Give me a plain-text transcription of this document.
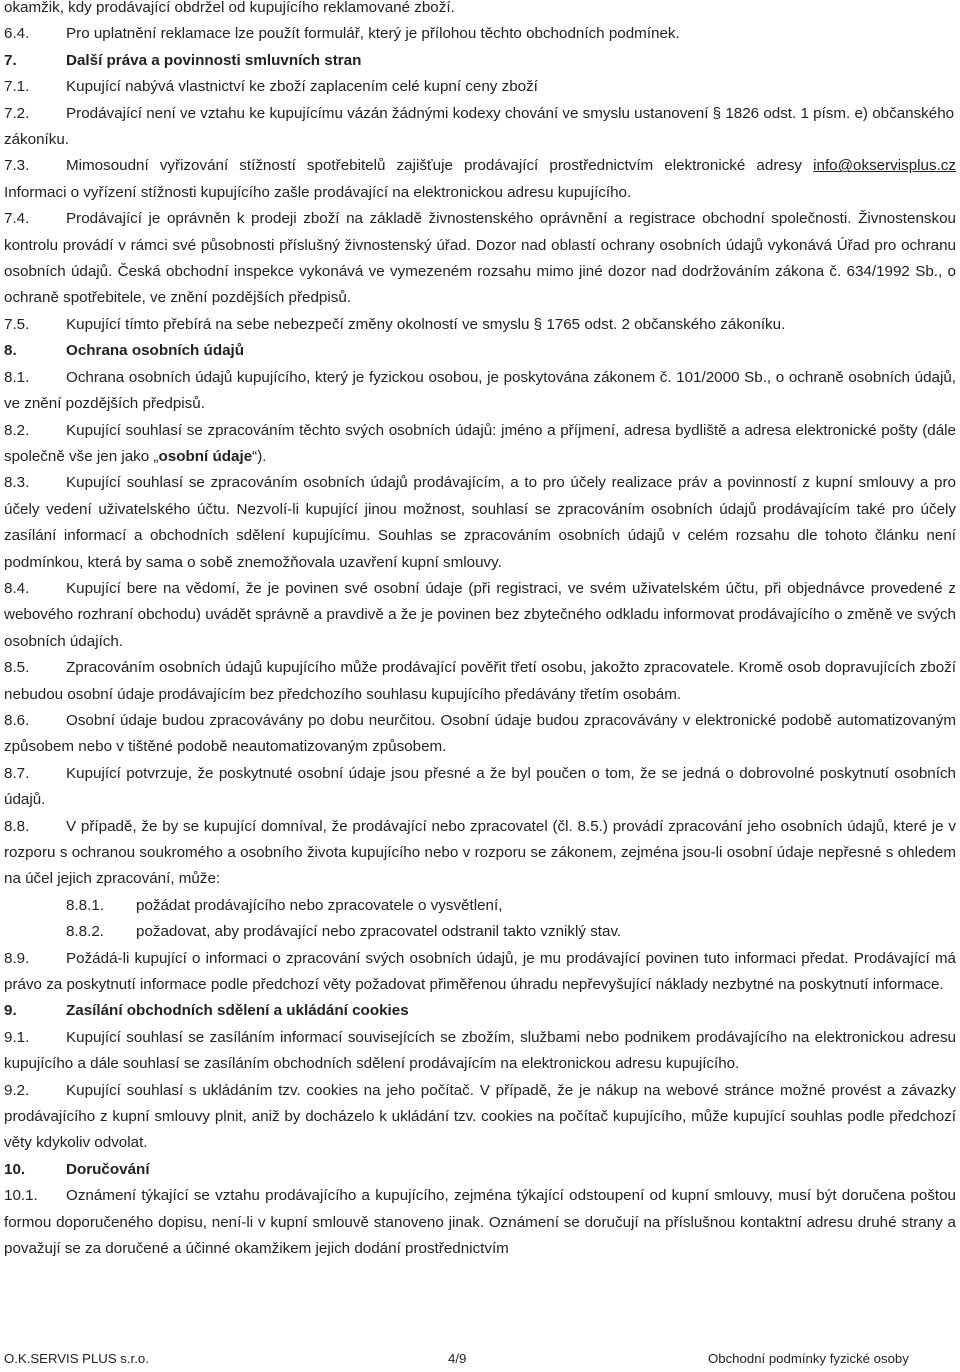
okamžik, kdy prodávající obdržel od kupujícího reklamované zboží.

6.4. Pro uplatnění reklamace lze použít formulář, který je přílohou těchto obchodních podmínek.

7.	Další práva a povinnosti smluvních stran

7.1. Kupující nabývá vlastnictví ke zboží zaplacením celé kupní ceny zboží

7.2. Prodávající není ve vztahu ke kupujícímu vázán žádnými kodexy chování ve smyslu ustanovení § 1826 odst. 1 písm. e) občanského zákoníku.

7.3. Mimosoudní vyřizování stížností spotřebitelů zajišťuje prodávající prostřednictvím elektronické adresy info@okservisplus.cz Informaci o vyřízení stížnosti kupujícího zašle prodávající na elektronickou adresu kupujícího.

7.4. Prodávající je oprávněn k prodeji zboží na základě živnostenského oprávnění a registrace obchodní společnosti. Živnostenskou kontrolu provádí v rámci své působnosti příslušný živnostenský úřad. Dozor nad oblastí ochrany osobních údajů vykonává Úřad pro ochranu osobních údajů. Česká obchodní inspekce vykonává ve vymezeném rozsahu mimo jiné dozor nad dodržováním zákona č. 634/1992 Sb., o ochraně spotřebitele, ve znění pozdějších předpisů.

7.5. Kupující tímto přebírá na sebe nebezpečí změny okolností ve smyslu § 1765 odst. 2 občanského zákoníku.

8.	Ochrana osobních údajů

8.1. Ochrana osobních údajů kupujícího, který je fyzickou osobou, je poskytována zákonem č. 101/2000 Sb., o ochraně osobních údajů, ve znění pozdějších předpisů.

8.2. Kupující souhlasí se zpracováním těchto svých osobních údajů: jméno a příjmení, adresa bydliště a adresa elektronické pošty (dále společně vše jen jako „osobní údaje“).

8.3. Kupující souhlasí se zpracováním osobních údajů prodávajícím, a to pro účely realizace práv a povinností z kupní smlouvy a pro účely vedení uživatelského účtu. Nezvolí-li kupující jinou možnost, souhlasí se zpracováním osobních údajů prodávajícím také pro účely zasílání informací a obchodních sdělení kupujícímu. Souhlas se zpracováním osobních údajů v celém rozsahu dle tohoto článku není podmínkou, která by sama o sobě znemožňovala uzavření kupní smlouvy.

8.4. Kupující bere na vědomí, že je povinen své osobní údaje (při registraci, ve svém uživatelském účtu, při objednávce provedené z webového rozhraní obchodu) uvádět správně a pravdivě a že je povinen bez zbytečného odkladu informovat prodávajícího o změně ve svých osobních údajích.

8.5. Zpracováním osobních údajů kupujícího může prodávající pověřit třetí osobu, jakožto zpracovatele. Kromě osob dopravujících zboží nebudou osobní údaje prodávajícím bez předchozího souhlasu kupujícího předávány třetím osobám.

8.6. Osobní údaje budou zpracovávány po dobu neurčitou. Osobní údaje budou zpracovávány v elektronické podobě automatizovaným způsobem nebo v tištěné podobě neautomatizovaným způsobem.

8.7. Kupující potvrzuje, že poskytnuté osobní údaje jsou přesné a že byl poučen o tom, že se jedná o dobrovolné poskytnutí osobních údajů.

8.8. V případě, že by se kupující domníval, že prodávající nebo zpracovatel (čl. 8.5.) provádí zpracování jeho osobních údajů, které je v rozporu s ochranou soukromého a osobního života kupujícího nebo v rozporu se zákonem, zejména jsou-li osobní údaje nepřesné s ohledem na účel jejich zpracování, může:

8.8.1. požádat prodávajícího nebo zpracovatele o vysvětlení,

8.8.2. požadovat, aby prodávající nebo zpracovatel odstranil takto vzniklý stav.

8.9. Požádá-li kupující o informaci o zpracování svých osobních údajů, je mu prodávající povinen tuto informaci předat. Prodávající má právo za poskytnutí informace podle předchozí věty požadovat přiměřenou úhradu nepřevyšující náklady nezbytné na poskytnutí informace.

9.	Zasílání obchodních sdělení a ukládání cookies

9.1. Kupující souhlasí se zasíláním informací souvisejících se zbožím, službami nebo podnikem prodávajícího na elektronickou adresu kupujícího a dále souhlasí se zasíláním obchodních sdělení prodávajícím na elektronickou adresu kupujícího.

9.2. Kupující souhlasí s ukládáním tzv. cookies na jeho počítač. V případě, že je nákup na webové stránce možné provést a závazky prodávajícího z kupní smlouvy plnit, aniž by docházelo k ukládání tzv. cookies na počítač kupujícího, může kupující souhlas podle předchozí věty kdykoliv odvolat.

10.	Doručování

10.1. Oznámení týkající se vztahu prodávajícího a kupujícího, zejména týkající odstoupení od kupní smlouvy, musí být doručena poštou formou doporučeného dopisu, není-li v kupní smlouvě stanoveno jinak. Oznámení se doručují na příslušnou kontaktní adresu druhé strany a považují se za doručené a účinné okamžikem jejich dodání prostřednictvím

O.K.SERVIS PLUS s.r.o.	4/9	Obchodní podmínky fyzické osoby
